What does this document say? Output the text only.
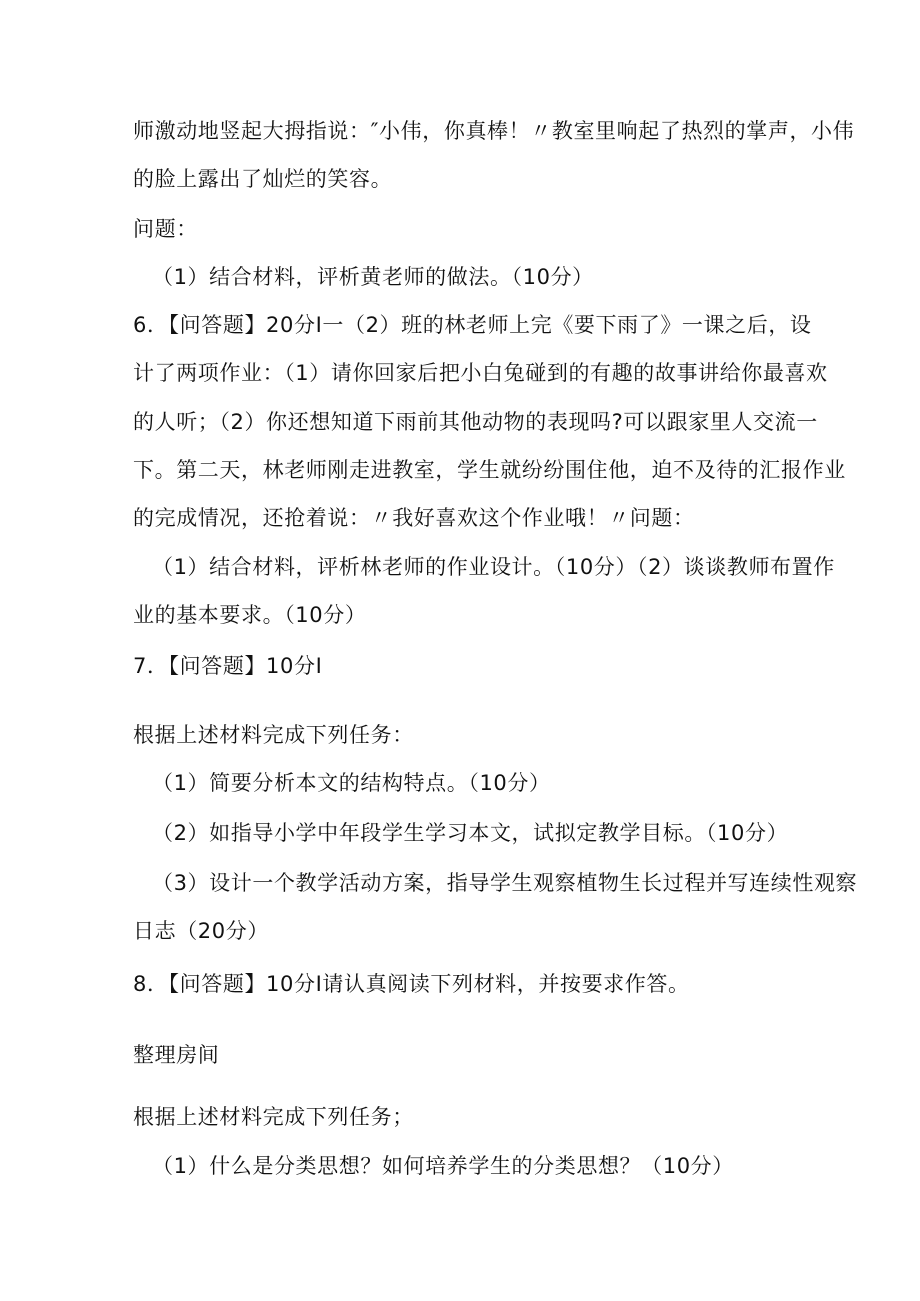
师激动地竖起大拇指说：″小伟，你真棒！〃教室里响起了热烈的掌声，小伟
的脸上露出了灿烂的笑容。
问题：
（1）结合材料，评析黄老师的做法。（10分）
6．【问答题】20分I一（2）班的林老师上完《要下雨了》一课之后，设
计了两项作业：（1）请你回家后把小白兔碰到的有趣的故事讲给你最喜欢
的人听；（2）你还想知道下雨前其他动物的表现吗?可以跟家里人交流一
下。第二天，林老师刚走进教室，学生就纷纷围住他，迫不及待的汇报作业
的完成情况，还抢着说：〃我好喜欢这个作业哦！〃问题：
（1）结合材料，评析林老师的作业设计。（10分）（2）谈谈教师布置作
业的基本要求。（10分）
7．【问答题】10分I
根据上述材料完成下列任务：
（1）简要分析本文的结构特点。（10分）
（2）如指导小学中年段学生学习本文，试拟定教学目标。（10分）
（3）设计一个教学活动方案，指导学生观察植物生长过程并写连续性观察
日志（20分）
8．【问答题】10分I请认真阅读下列材料，并按要求作答。
整理房间
根据上述材料完成下列任务；
（1）什么是分类思想？如何培养学生的分类思想？（10分）
